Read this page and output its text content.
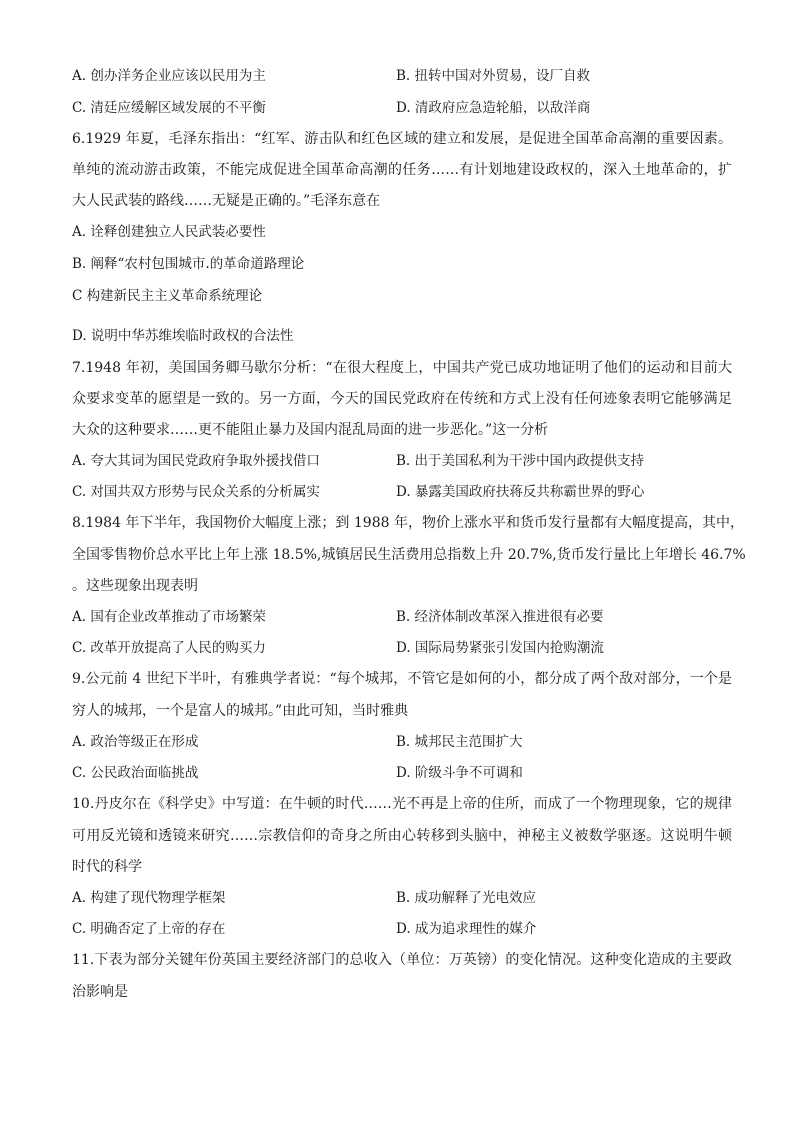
A. 创办洋务企业应该以民用为主	B. 扭转中国对外贸易，设厂自救
C. 清廷应缓解区域发展的不平衡	D. 清政府应急造轮船，以敌洋商
6.1929 年夏，毛泽东指出：“红军、游击队和红色区域的建立和发展，是促进全国革命高潮的重要因素。
单纯的流动游击政策，不能完成促进全国革命高潮的任务……有计划地建设政权的，深入土地革命的，扩
大人民武装的路线……无疑是正确的。”毛泽东意在
A. 诠释创建独立人民武装必要性
B. 阐释“农村包围城市.的革命道路理论
C 构建新民主主义革命系统理论
D. 说明中华苏维埃临时政权的合法性
7.1948 年初，美国国务卿马歇尔分析：“在很大程度上，中国共产党已成功地证明了他们的运动和目前大
众要求变革的愿望是一致的。另一方面，今天的国民党政府在传统和方式上没有任何迹象表明它能够满足
大众的这种要求……更不能阻止暴力及国内混乱局面的进一步恶化。”这一分析
A. 夸大其词为国民党政府争取外援找借口	B. 出于美国私利为干涉中国内政提供支持
C. 对国共双方形势与民众关系的分析属实	D. 暴露美国政府扶蒋反共称霸世界的野心
8.1984 年下半年，我国物价大幅度上涨；到 1988 年，物价上涨水平和货币发行量都有大幅度提高，其中，
全国零售物价总水平比上年上涨 18.5%,城镇居民生活费用总指数上升 20.7%,货币发行量比上年增长 46.7%
。这些现象出现表明
A. 国有企业改革推动了市场繁荣	B. 经济体制改革深入推进很有必要
C. 改革开放提高了人民的购买力	D. 国际局势紧张引发国内抢购潮流
9.公元前 4 世纪下半叶，有雅典学者说：“每个城邦，不管它是如何的小，都分成了两个敌对部分，一个是
穷人的城邦，一个是富人的城邦。”由此可知，当时雅典
A. 政治等级正在形成	B. 城邦民主范围扩大
C. 公民政治面临挑战	D. 阶级斗争不可调和
10.丹皮尔在《科学史》中写道：在牛顿的时代……光不再是上帝的住所，而成了一个物理现象，它的规律
可用反光镜和透镜来研究……宗教信仰的奇身之所由心转移到头脑中，神秘主义被数学驱逐。这说明牛顿
时代的科学
A. 构建了现代物理学框架	B. 成功解释了光电效应
C. 明确否定了上帝的存在	D. 成为追求理性的媒介
11.下表为部分关键年份英国主要经济部门的总收入（单位：万英镑）的变化情况。这种变化造成的主要政
治影响是
